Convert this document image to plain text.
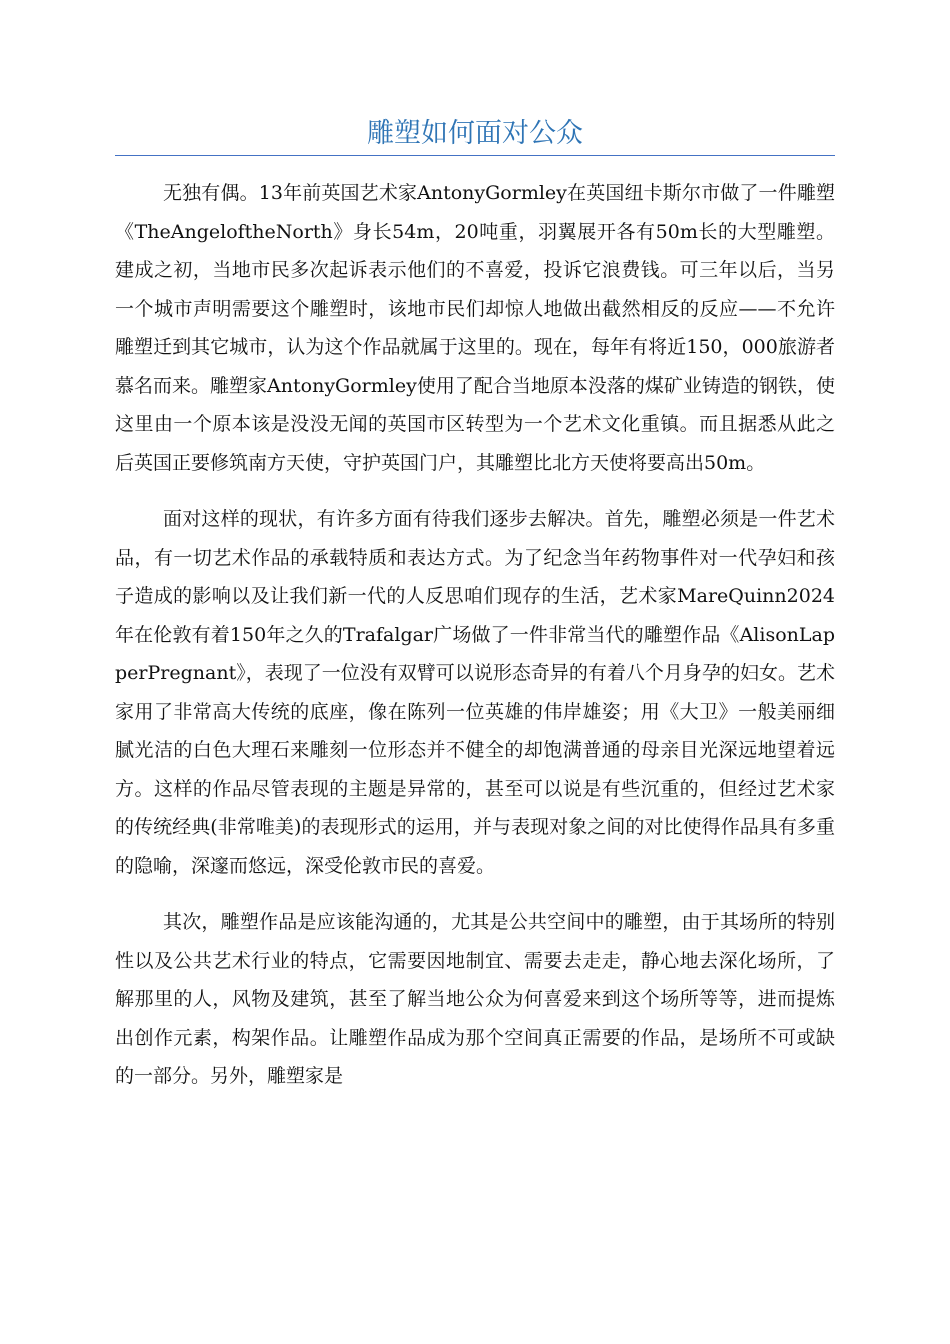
雕塑如何面对公众

无独有偶。13年前英国艺术家AntonyGormley在英国纽卡斯尔市做了一件雕塑《TheAngeloftheNorth》身长54m，20吨重，羽翼展开各有50m长的大型雕塑。建成之初，当地市民多次起诉表示他们的不喜爱，投诉它浪费钱。可三年以后，当另一个城市声明需要这个雕塑时，该地市民们却惊人地做出截然相反的反应——不允许雕塑迁到其它城市，认为这个作品就属于这里的。现在，每年有将近150，000旅游者慕名而来。雕塑家AntonyGormley使用了配合当地原本没落的煤矿业铸造的钢铁，使这里由一个原本该是没没无闻的英国市区转型为一个艺术文化重镇。而且据悉从此之后英国正要修筑南方天使，守护英国门户，其雕塑比北方天使将要高出50m。

面对这样的现状，有许多方面有待我们逐步去解决。首先，雕塑必须是一件艺术品，有一切艺术作品的承载特质和表达方式。为了纪念当年药物事件对一代孕妇和孩子造成的影响以及让我们新一代的人反思咱们现存的生活，艺术家MareQuinn2024年在伦敦有着150年之久的Trafalgar广场做了一件非常当代的雕塑作品《AlisonLapperPregnant》，表现了一位没有双臂可以说形态奇异的有着八个月身孕的妇女。艺术家用了非常高大传统的底座，像在陈列一位英雄的伟岸雄姿；用《大卫》一般美丽细腻光洁的白色大理石来雕刻一位形态并不健全的却饱满普通的母亲目光深远地望着远方。这样的作品尽管表现的主题是异常的，甚至可以说是有些沉重的，但经过艺术家的传统经典(非常唯美)的表现形式的运用，并与表现对象之间的对比使得作品具有多重的隐喻，深邃而悠远，深受伦敦市民的喜爱。

其次，雕塑作品是应该能沟通的，尤其是公共空间中的雕塑，由于其场所的特别性以及公共艺术行业的特点，它需要因地制宜、需要去走走，静心地去深化场所，了解那里的人，风物及建筑，甚至了解当地公众为何喜爱来到这个场所等等，进而提炼出创作元素，构架作品。让雕塑作品成为那个空间真正需要的作品，是场所不可或缺的一部分。另外，雕塑家是
